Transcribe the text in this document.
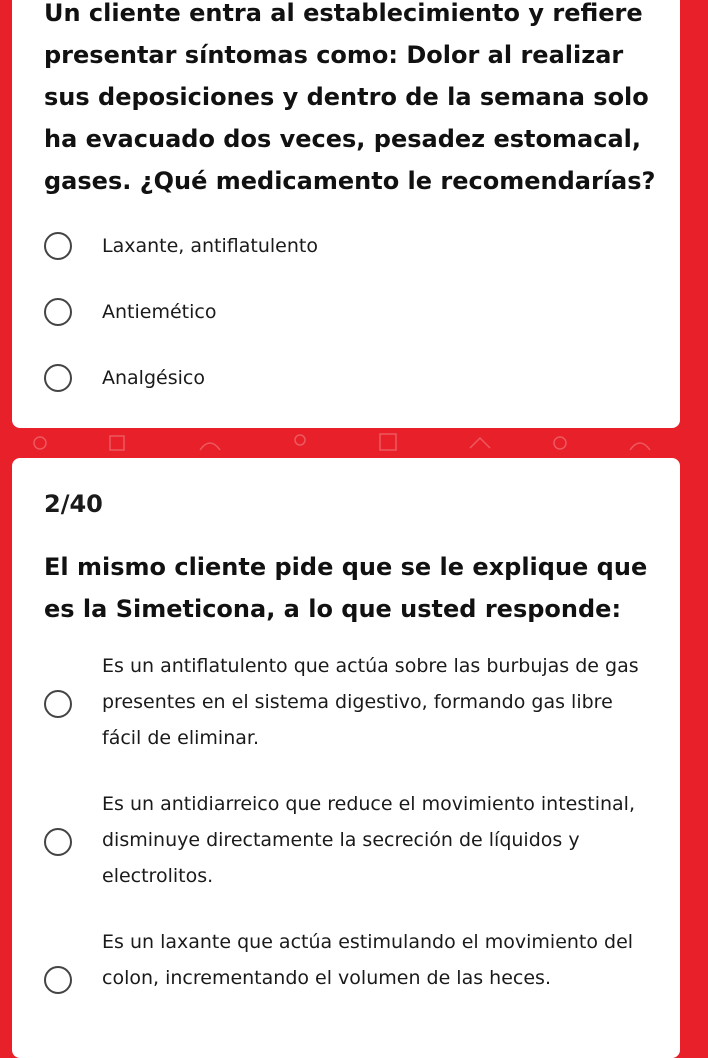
Un cliente entra al establecimiento y refiere presentar síntomas como: Dolor al realizar sus deposiciones y dentro de la semana solo ha evacuado dos veces, pesadez estomacal, gases. ¿Qué medicamento le recomendarías?
Laxante, antiflatulento
Antiemético
Analgésico
2/40
El mismo cliente pide que se le explique que es la Simeticona, a lo que usted responde:
Es un antiflatulento que actúa sobre las burbujas de gas presentes en el sistema digestivo, formando gas libre fácil de eliminar.
Es un antidiarreico que reduce el movimiento intestinal, disminuye directamente la secreción de líquidos y electrolitos.
Es un laxante que actúa estimulando el movimiento del colon, incrementando el volumen de las heces.
